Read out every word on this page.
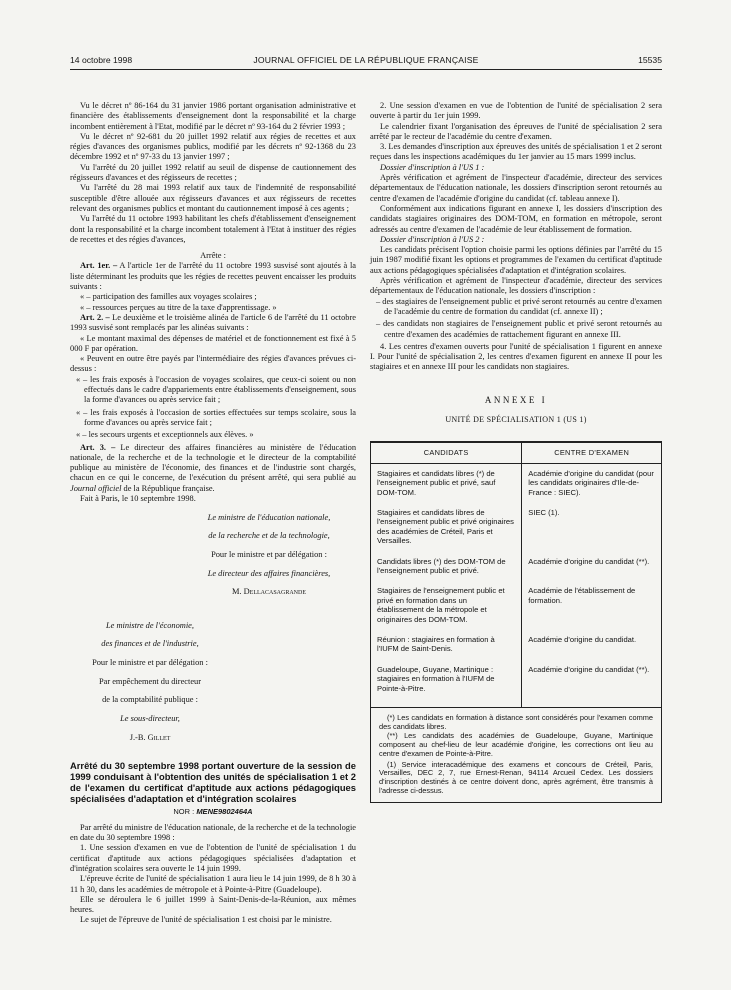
14 octobre 1998	JOURNAL OFFICIEL DE LA RÉPUBLIQUE FRANÇAISE	15535

Vu le décret nº 86-164 du 31 janvier 1986 portant organisation administrative et financière des établissements d'enseignement dont la responsabilité et la charge incombent entièrement à l'Etat, modifié par le décret nº 93-164 du 2 février 1993 ;

Vu le décret nº 92-681 du 20 juillet 1992 relatif aux régies de recettes et aux régies d'avances des organismes publics, modifié par les décrets nº 92-1368 du 23 décembre 1992 et nº 97-33 du 13 janvier 1997 ;

Vu l'arrêté du 20 juillet 1992 relatif au seuil de dispense de cautionnement des régisseurs d'avances et des régisseurs de recettes ;

Vu l'arrêté du 28 mai 1993 relatif aux taux de l'indemnité de responsabilité susceptible d'être allouée aux régisseurs d'avances et aux régisseurs de recettes relevant des organismes publics et montant du cautionnement imposé à ces agents ;

Vu l'arrêté du 11 octobre 1993 habilitant les chefs d'établissement d'enseignement dont la responsabilité et la charge incombent totalement à l'Etat à instituer des régies de recettes et des régies d'avances,

Arrête :

Art. 1er. – A l'article 1er de l'arrêté du 11 octobre 1993 susvisé sont ajoutés à la liste déterminant les produits que les régies de recettes peuvent encaisser les produits suivants :

« – participation des familles aux voyages scolaires ;

« – ressources perçues au titre de la taxe d'apprentissage. »

Art. 2. – Le deuxième et le troisième alinéa de l'article 6 de l'arrêté du 11 octobre 1993 susvisé sont remplacés par les alinéas suivants :

« Le montant maximal des dépenses de matériel et de fonctionnement est fixé à 5 000 F par opération.

« Peuvent en outre être payés par l'intermédiaire des régies d'avances prévues ci-dessus :

« – les frais exposés à l'occasion de voyages scolaires, que ceux-ci soient ou non effectués dans le cadre d'appariements entre établissements d'enseignement, sous la forme d'avances ou après service fait ;
« – les frais exposés à l'occasion de sorties effectuées sur temps scolaire, sous la forme d'avances ou après service fait ;
« – les secours urgents et exceptionnels aux élèves. »

Art. 3. – Le directeur des affaires financières au ministère de l'éducation nationale, de la recherche et de la technologie et le directeur de la comptabilité publique au ministère de l'économie, des finances et de l'industrie sont chargés, chacun en ce qui le concerne, de l'exécution du présent arrêté, qui sera publié au Journal officiel de la République française.

Fait à Paris, le 10 septembre 1998.

Le ministre de l'éducation nationale,

de la recherche et de la technologie,

Pour le ministre et par délégation :

Le directeur des affaires financières,

M. Dellacasagrande

Le ministre de l'économie,

des finances et de l'industrie,

Pour le ministre et par délégation :

Par empêchement du directeur

de la comptabilité publique :

Le sous-directeur,

J.-B. Gillet

Arrêté du 30 septembre 1998 portant ouverture de la session de 1999 conduisant à l'obtention des unités de spécialisation 1 et 2 de l'examen du certificat d'aptitude aux actions pédagogiques spécialisées d'adaptation et d'intégration scolaires

NOR : MENE9802464A

Par arrêté du ministre de l'éducation nationale, de la recherche et de la technologie en date du 30 septembre 1998 :

1. Une session d'examen en vue de l'obtention de l'unité de spécialisation 1 du certificat d'aptitude aux actions pédagogiques spécialisées d'adaptation et d'intégration scolaires sera ouverte le 14 juin 1999.

L'épreuve écrite de l'unité de spécialisation 1 aura lieu le 14 juin 1999, de 8 h 30 à 11 h 30, dans les académies de métropole et à Pointe-à-Pitre (Guadeloupe).

Elle se déroulera le 6 juillet 1999 à Saint-Denis-de-la-Réunion, aux mêmes heures.

Le sujet de l'épreuve de l'unité de spécialisation 1 est choisi par le ministre.

2. Une session d'examen en vue de l'obtention de l'unité de spécialisation 2 sera ouverte à partir du 1er juin 1999.

Le calendrier fixant l'organisation des épreuves de l'unité de spécialisation 2 sera arrêté par le recteur de l'académie du centre d'examen.

3. Les demandes d'inscription aux épreuves des unités de spécialisation 1 et 2 seront reçues dans les inspections académiques du 1er janvier au 15 mars 1999 inclus.

Dossier d'inscription à l'US 1 :

Après vérification et agrément de l'inspecteur d'académie, directeur des services départementaux de l'éducation nationale, les dossiers d'inscription seront retournés au centre d'examen de l'académie d'origine du candidat (cf. tableau annexe I).

Conformément aux indications figurant en annexe I, les dossiers d'inscription des candidats stagiaires originaires des DOM-TOM, en formation en métropole, seront adressés au centre d'examen de l'académie de leur établissement de formation.

Dossier d'inscription à l'US 2 :

Les candidats précisent l'option choisie parmi les options définies par l'arrêté du 15 juin 1987 modifié fixant les options et programmes de l'examen du certificat d'aptitude aux actions pédagogiques spécialisées d'adaptation et d'intégration scolaires.

Après vérification et agrément de l'inspecteur d'académie, directeur des services départementaux de l'éducation nationale, les dossiers d'inscription :

– des stagiaires de l'enseignement public et privé seront retournés au centre d'examen de l'académie du centre de formation du candidat (cf. annexe II) ;
– des candidats non stagiaires de l'enseignement public et privé seront retournés au centre d'examen des académies de rattachement figurant en annexe III.

4. Les centres d'examen ouverts pour l'unité de spécialisation 1 figurent en annexe I. Pour l'unité de spécialisation 2, les centres d'examen figurent en annexe II pour les stagiaires et en annexe III pour les candidats non stagiaires.

ANNEXE I

UNITÉ DE SPÉCIALISATION 1 (US 1)

CANDIDATS	CENTRE D'EXAMEN
Stagiaires et candidats libres (*) de l'enseignement public et privé, sauf DOM-TOM.	Académie d'origine du candidat (pour les candidats originaires d'Ile-de-France : SIEC).
Stagiaires et candidats libres de l'enseignement public et privé originaires des académies de Créteil, Paris et Versailles.	SIEC (1).
Candidats libres (*) des DOM-TOM de l'enseignement public et privé.	Académie d'origine du candidat (**).
Stagiaires de l'enseignement public et privé en formation dans un établissement de la métropole et originaires des DOM-TOM.	Académie de l'établissement de formation.
Réunion : stagiaires en formation à l'IUFM de Saint-Denis.	Académie d'origine du candidat.
Guadeloupe, Guyane, Martinique : stagiaires en formation à l'IUFM de Pointe-à-Pitre.	Académie d'origine du candidat (**).

(*) Les candidats en formation à distance sont considérés pour l'examen comme des candidats libres.

(**) Les candidats des académies de Guadeloupe, Guyane, Martinique composent au chef-lieu de leur académie d'origine, les corrections ont lieu au centre d'examen de Pointe-à-Pitre.

(1) Service interacadémique des examens et concours de Créteil, Paris, Versailles, DEC 2, 7, rue Ernest-Renan, 94114 Arcueil Cedex. Les dossiers d'inscription destinés à ce centre doivent donc, après agrément, être transmis à l'adresse ci-dessus.
